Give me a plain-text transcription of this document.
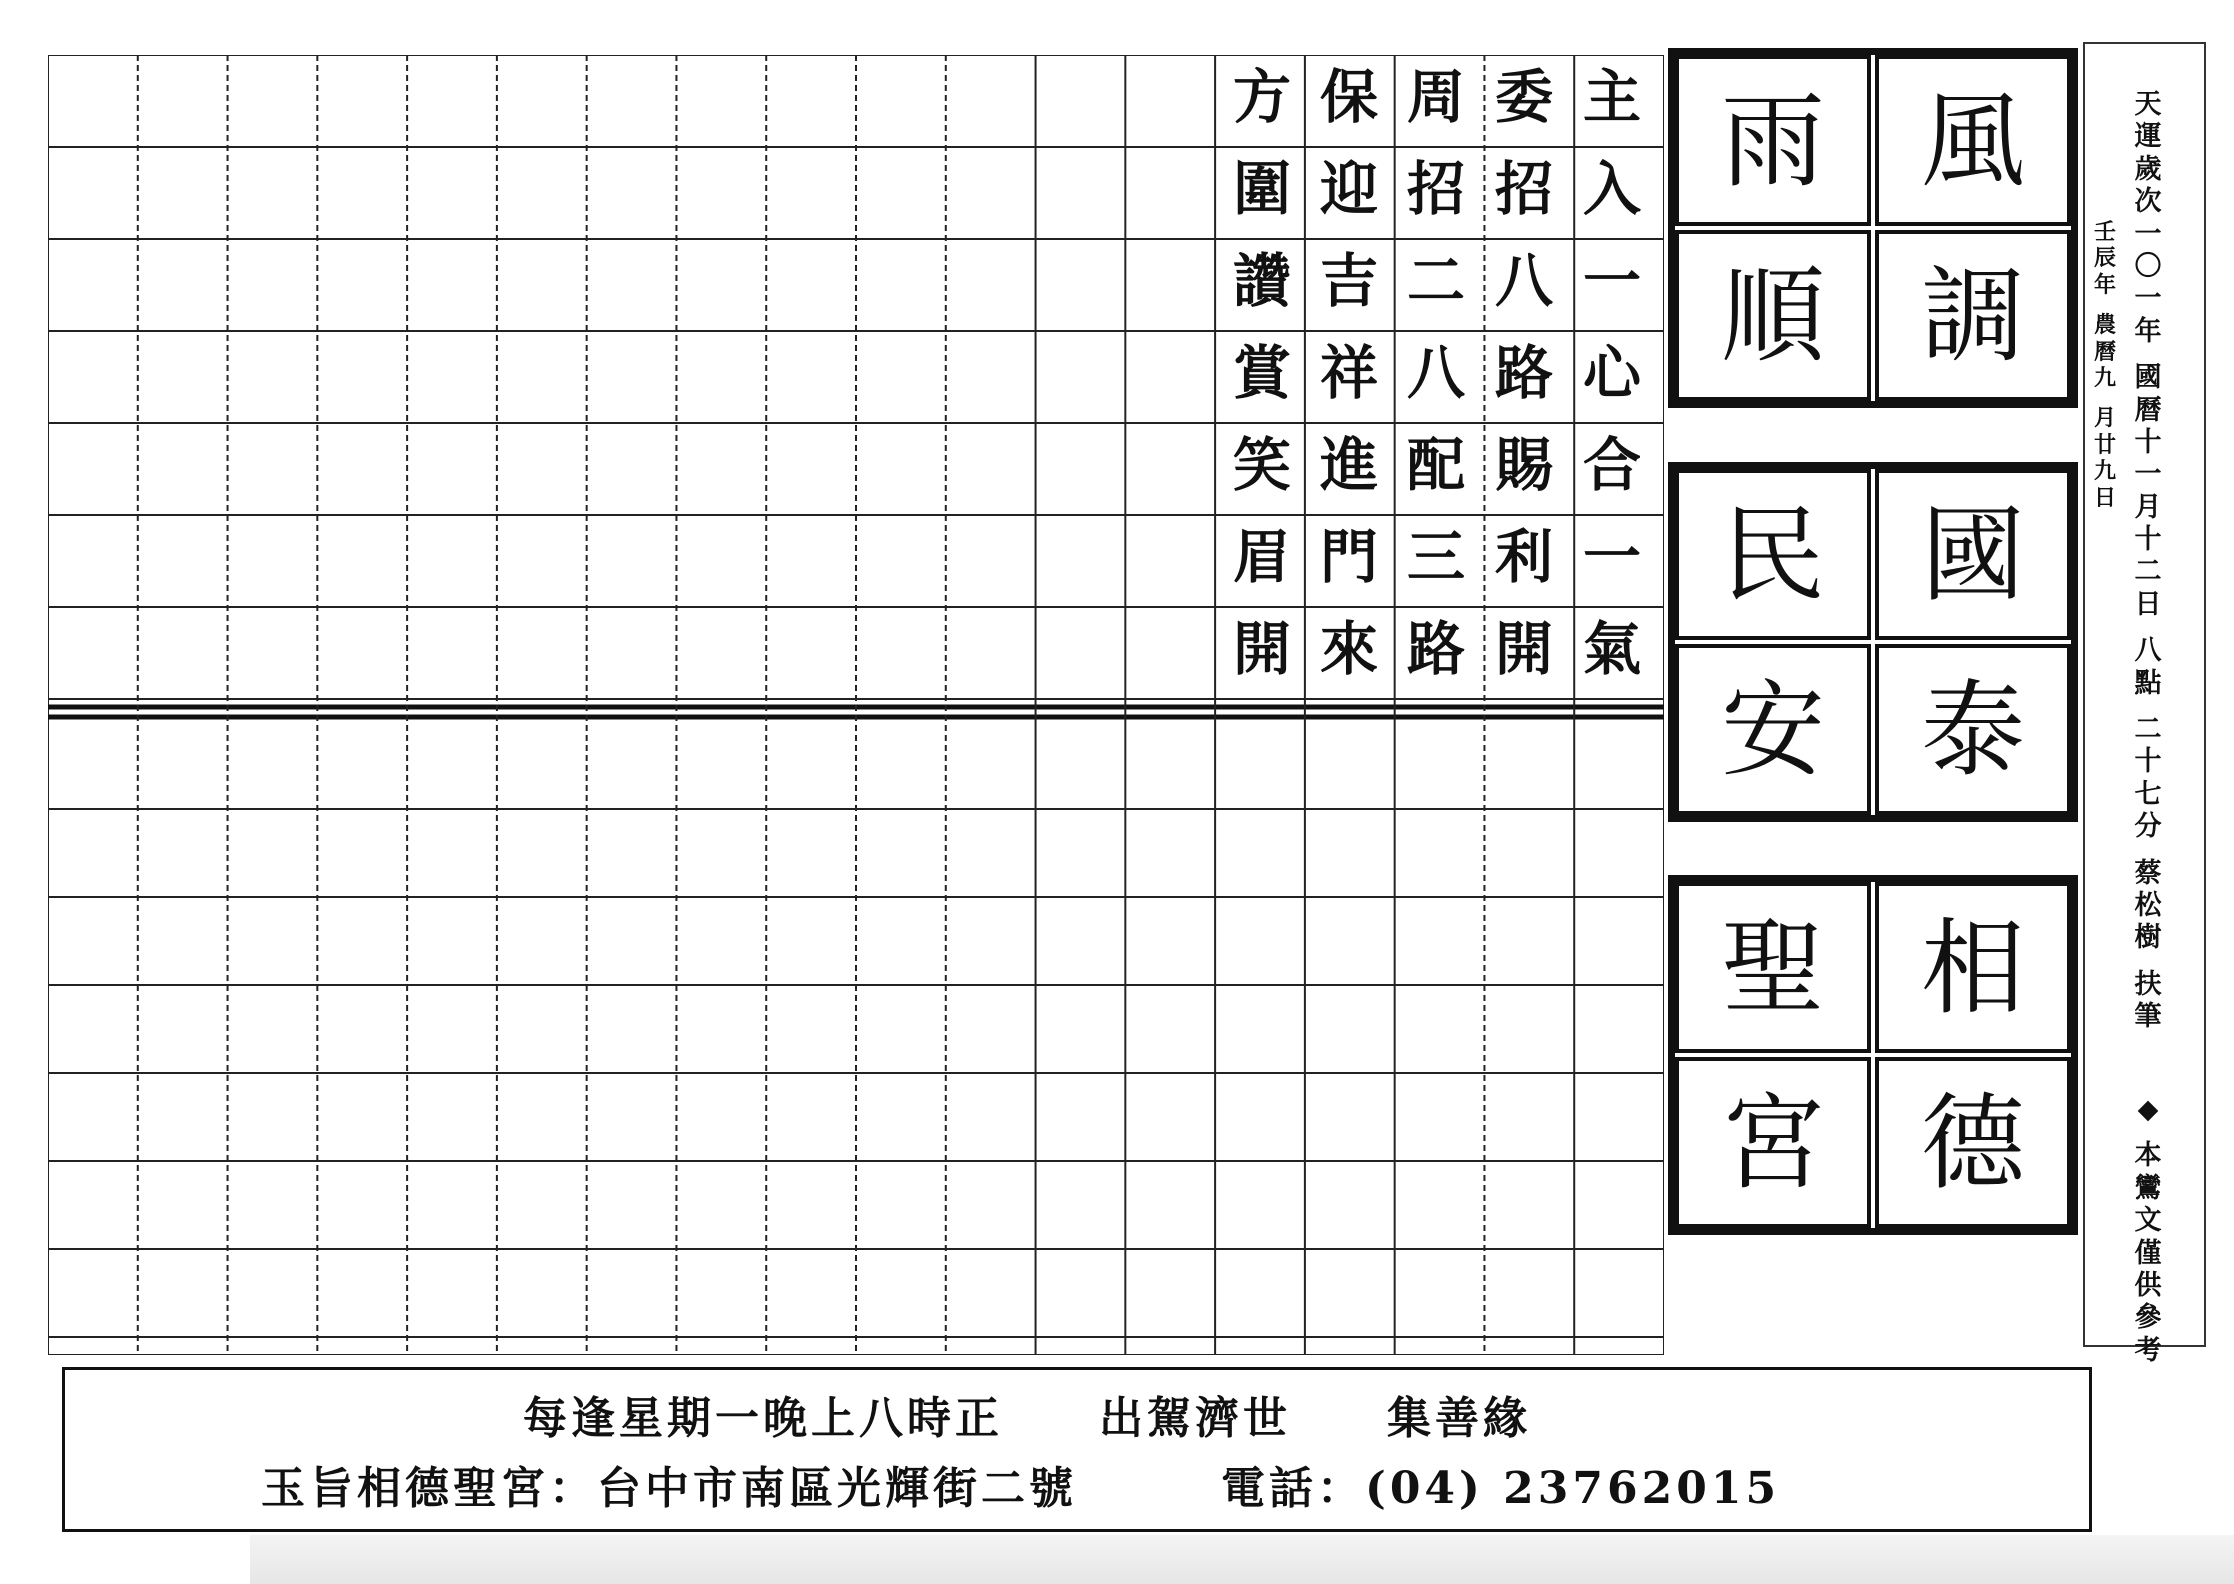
主
入
一
心
合
一
氣
委
招
八
路
賜
利
開
周
招
二
八
配
三
路
保
迎
吉
祥
進
門
來
方
圍
讚
賞
笑
眉
開
雨 風
順 調
民 國
安 泰
聖 相
宮 德
天
運
歲
次
一
〇
一
年
國
曆
十
一
月
十
二
日
八
點
二
十
七
分
蔡
松
樹
扶
筆
壬
辰
年
農
曆
九
月
廿
九
日
◆
本
鸞
文
僅
供
參
考
每逢星期一晚上八時正　　出駕濟世　　集善緣
玉旨相德聖宮：台中市南區光輝街二號　　　電話：(04) 23762015
